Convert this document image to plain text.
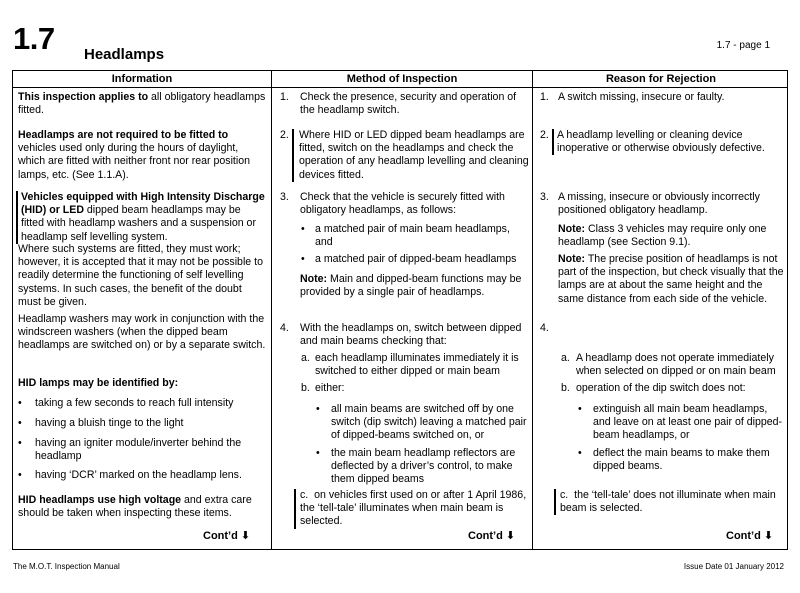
1.7 Headlamps
1.7 - page 1
Information	Method of Inspection	Reason for Rejection
This inspection applies to all obligatory headlamps fitted.
Headlamps are not required to be fitted to vehicles used only during the hours of daylight, which are fitted with neither front nor rear position lamps, etc. (See 1.1.A).
Vehicles equipped with High Intensity Discharge (HID) or LED dipped beam headlamps may be fitted with headlamp washers and a suspension or headlamp self levelling system.
Where such systems are fitted, they must work; however, it is accepted that it may not be possible to readily determine the functioning of self levelling systems. In such cases, the benefit of the doubt must be given.
Headlamp washers may work in conjunction with the windscreen washers (when the dipped beam headlamps are switched on) or by a separate switch.
HID lamps may be identified by:
• taking a few seconds to reach full intensity
• having a bluish tinge to the light
• having an igniter module/inverter behind the headlamp
• having ‘DCR’ marked on the headlamp lens.
HID headlamps use high voltage and extra care should be taken when inspecting these items.
Cont’d ⬇
1. Check the presence, security and operation of the headlamp switch.
2. Where HID or LED dipped beam headlamps are fitted, switch on the headlamps and check the operation of any headlamp levelling and cleaning devices fitted.
3. Check that the vehicle is securely fitted with obligatory headlamps, as follows:
• a matched pair of main beam headlamps, and
• a matched pair of dipped-beam headlamps
Note: Main and dipped-beam functions may be provided by a single pair of headlamps.
4. With the headlamps on, switch between dipped and main beams checking that:
a. each headlamp illuminates immediately it is switched to either dipped or main beam
b. either:
• all main beams are switched off by one switch (dip switch) leaving a matched pair of dipped-beams switched on, or
• the main beam headlamp reflectors are deflected by a driver’s control, to make them dipped beams
c. on vehicles first used on or after 1 April 1986, the ‘tell-tale’ illuminates when main beam is selected.
Cont’d ⬇
1. A switch missing, insecure or faulty.
2. A headlamp levelling or cleaning device inoperative or otherwise obviously defective.
3. A missing, insecure or obviously incorrectly positioned obligatory headlamp.
Note: Class 3 vehicles may require only one headlamp (see Section 9.1).
Note: The precise position of headlamps is not part of the inspection, but check visually that the lamps are at about the same height and the same distance from each side of the vehicle.
4.
a. A headlamp does not operate immediately when selected on dipped or on main beam
b. operation of the dip switch does not:
• extinguish all main beam headlamps, and leave on at least one pair of dipped-beam headlamps, or
• deflect the main beams to make them dipped beams.
c. the ‘tell-tale’ does not illuminate when main beam is selected.
Cont’d ⬇
The M.O.T. Inspection Manual	Issue Date 01 January 2012
